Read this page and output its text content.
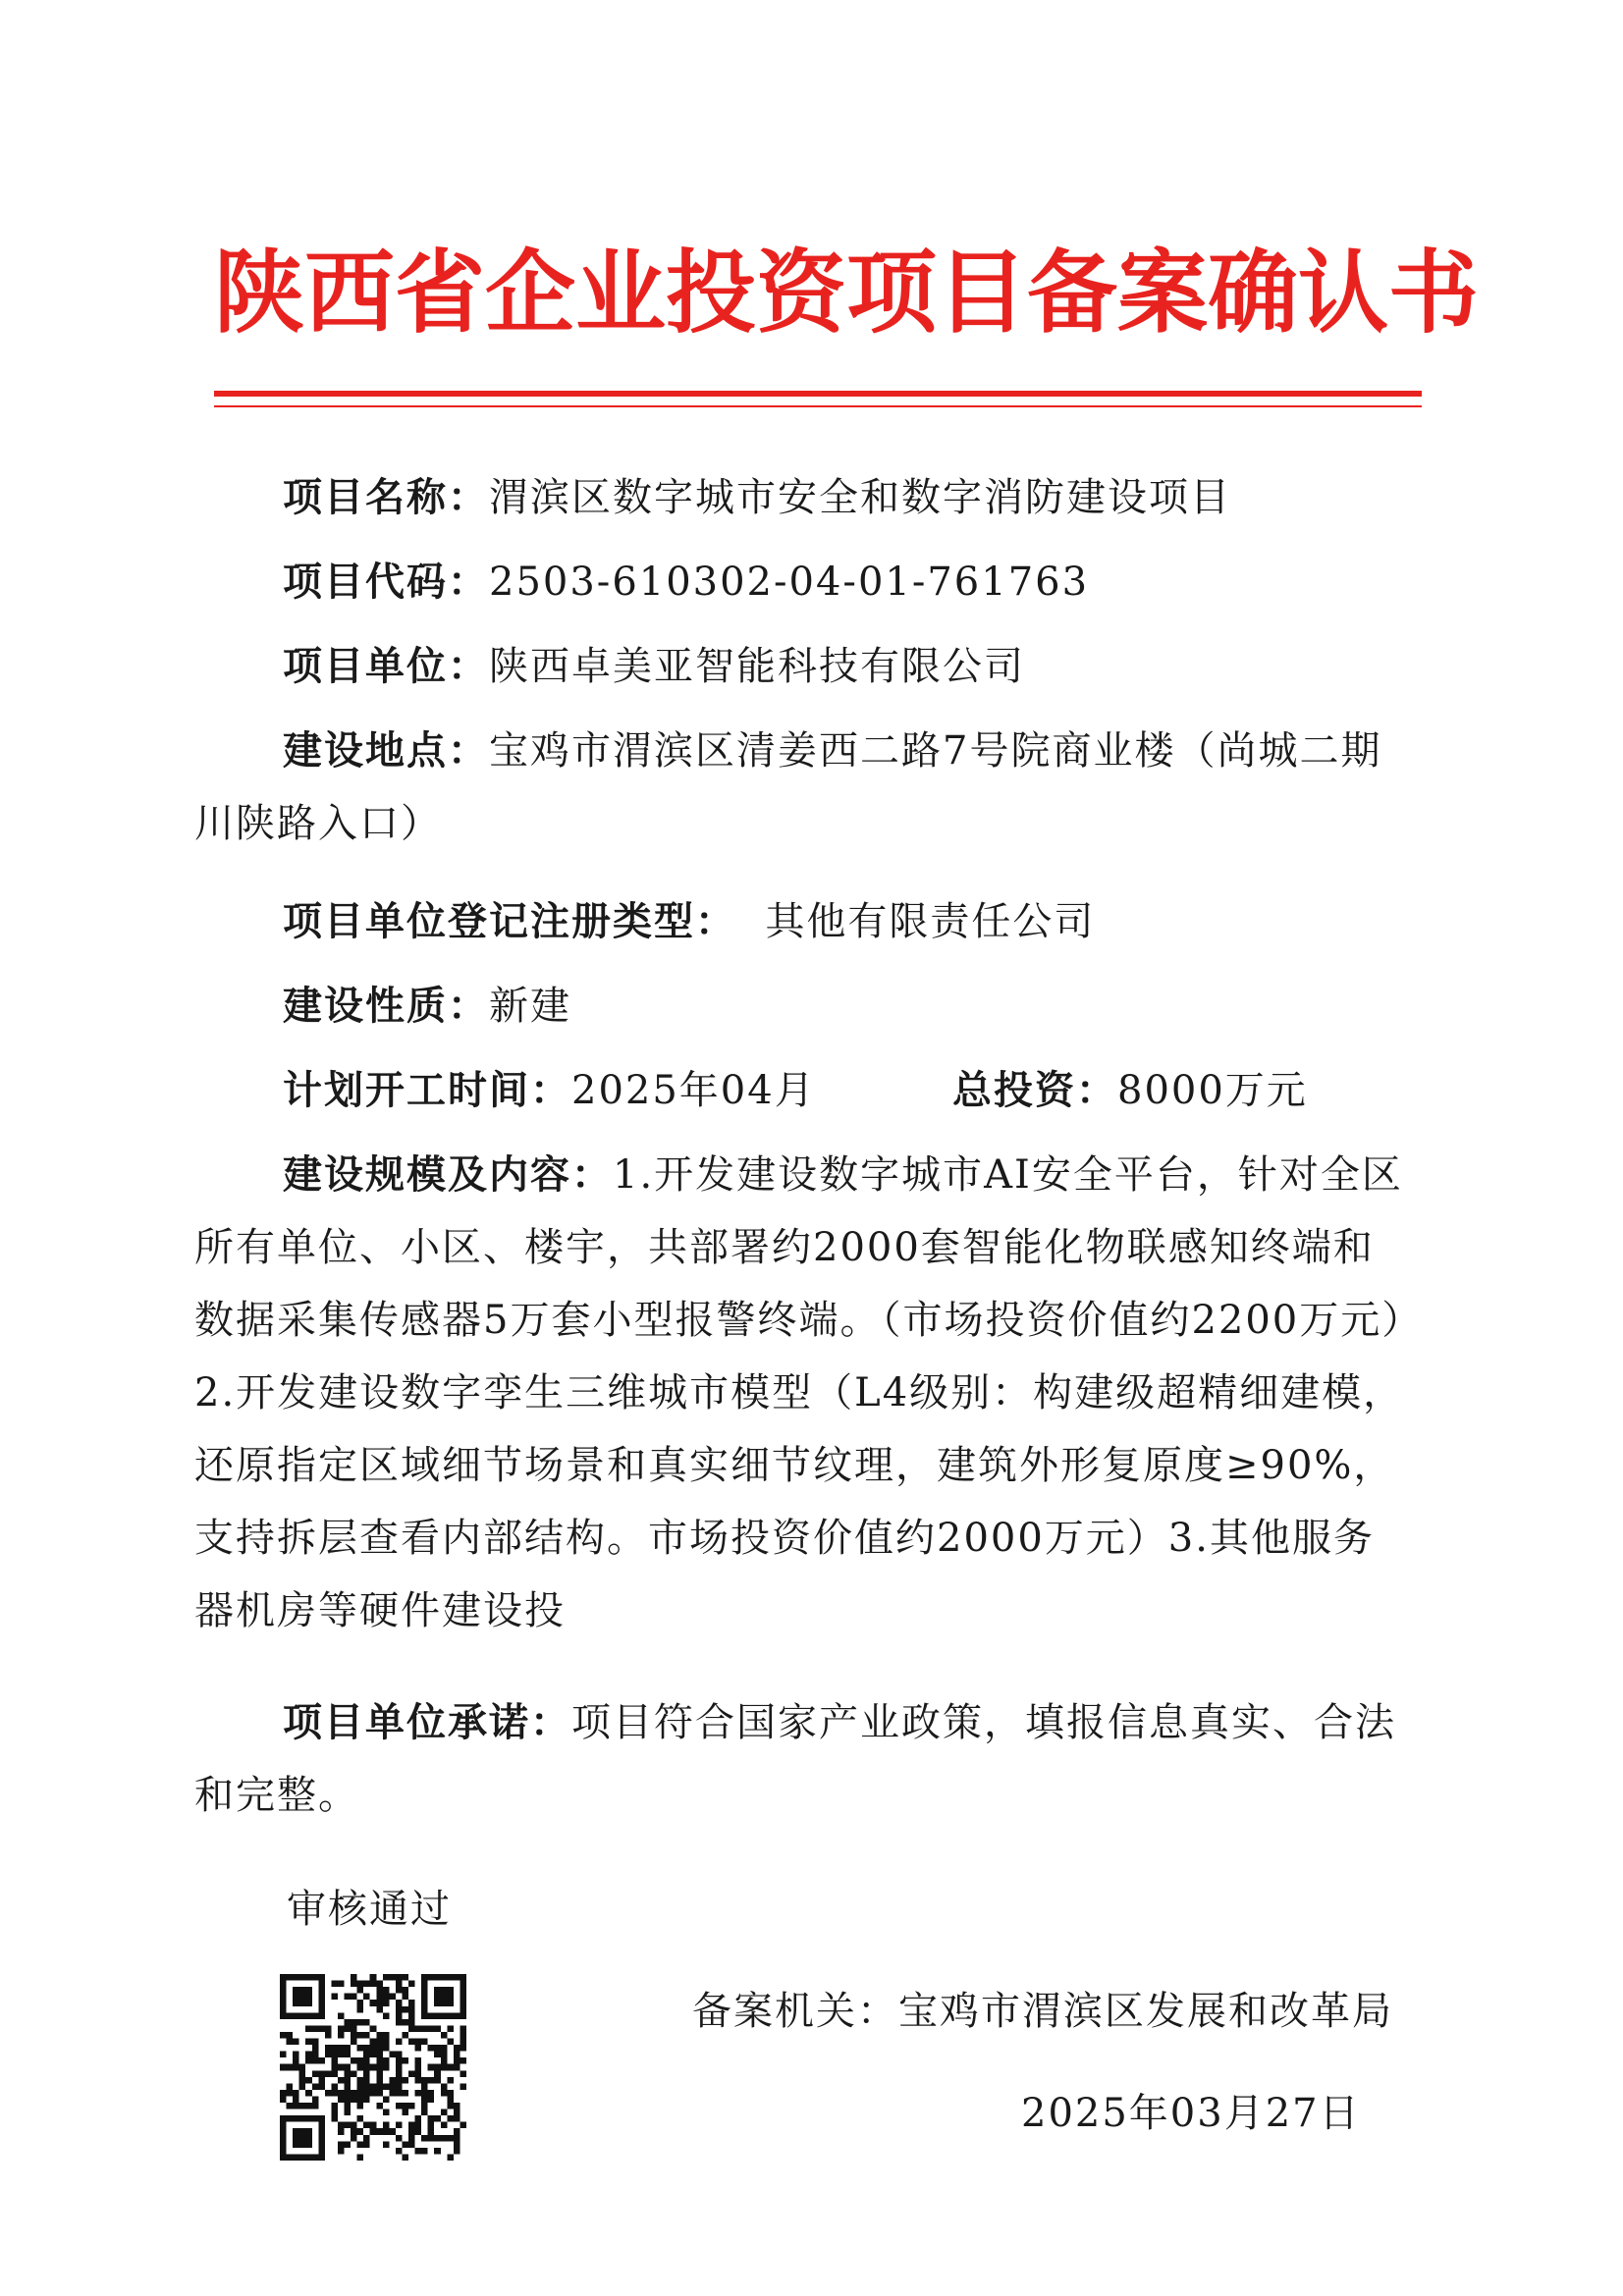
陕西省企业投资项目备案确认书

项目名称：渭滨区数字城市安全和数字消防建设项目

项目代码：2503-610302-04-01-761763

项目单位：陕西卓美亚智能科技有限公司

建设地点：宝鸡市渭滨区清姜西二路7号院商业楼（尚城二期川陕路入口）

项目单位登记注册类型： 其他有限责任公司

建设性质：新建

计划开工时间：2025年04月	总投资：8000万元

建设规模及内容：1.开发建设数字城市AI安全平台，针对全区所有单位、小区、楼宇，共部署约2000套智能化物联感知终端和数据采集传感器5万套小型报警终端。（市场投资价值约2200万元）2.开发建设数字孪生三维城市模型（L4级别：构建级超精细建模，还原指定区域细节场景和真实细节纹理，建筑外形复原度≥90%，支持拆层查看内部结构。市场投资价值约2000万元）3.其他服务器机房等硬件建设投

项目单位承诺：项目符合国家产业政策，填报信息真实、合法和完整。

审核通过
备案机关：宝鸡市渭滨区发展和改革局
2025年03月27日
